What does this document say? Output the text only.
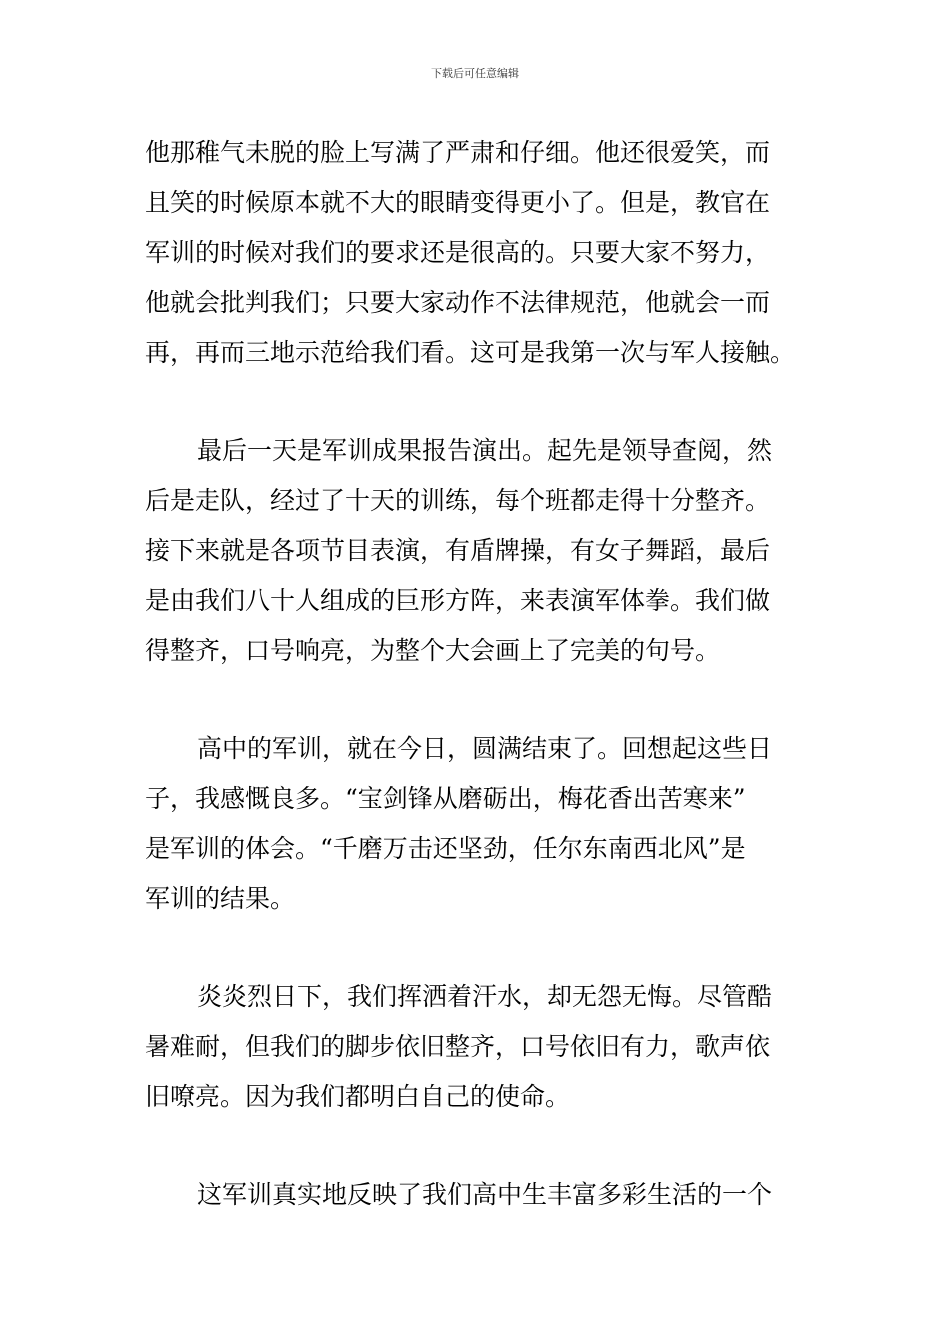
下载后可任意编辑
他那稚气未脱的脸上写满了严肃和仔细。他还很爱笑，而
且笑的时候原本就不大的眼睛变得更小了。但是，教官在
军训的时候对我们的要求还是很高的。只要大家不努力，
他就会批判我们；只要大家动作不法律规范，他就会一而
再，再而三地示范给我们看。这可是我第一次与军人接触。
最后一天是军训成果报告演出。起先是领导查阅，然
后是走队，经过了十天的训练，每个班都走得十分整齐。
接下来就是各项节目表演，有盾牌操，有女子舞蹈，最后
是由我们八十人组成的巨形方阵，来表演军体拳。我们做
得整齐，口号响亮，为整个大会画上了完美的句号。
高中的军训，就在今日，圆满结束了。回想起这些日
子，我感慨良多。“宝剑锋从磨砺出，梅花香出苦寒来”
是军训的体会。“千磨万击还坚劲，任尔东南西北风”是
军训的结果。
炎炎烈日下，我们挥洒着汗水，却无怨无悔。尽管酷
暑难耐，但我们的脚步依旧整齐，口号依旧有力，歌声依
旧嘹亮。因为我们都明白自己的使命。
这军训真实地反映了我们高中生丰富多彩生活的一个
